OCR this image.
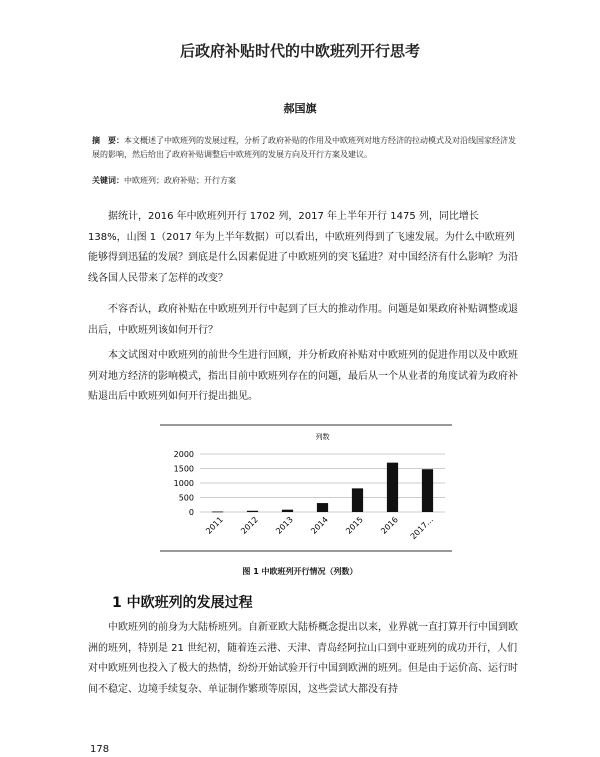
后政府补贴时代的中欧班列开行思考
郝国旗
摘　要：本文概述了中欧班列的发展过程，分析了政府补贴的作用及中欧班列对地方经济的拉动模式及对沿线国家经济发展的影响，然后给出了政府补贴调整后中欧班列的发展方向及开行方案及建议。
关键词：中欧班列；政府补贴；开行方案
据统计，2016 年中欧班列开行 1702 列，2017 年上半年开行 1475 列，同比增长 138%，山图 1（2017 年为上半年数据）可以看出，中欧班列得到了飞速发展。为什么中欧班列能够得到迅猛的发展？到底是什么因素促进了中欧班列的突飞猛进？对中国经济有什么影响？为沿线各国人民带来了怎样的改变？
不容否认，政府补贴在中欧班列开行中起到了巨大的推动作用。问题是如果政府补贴调整或退出后，中欧班列该如何开行？
本文试图对中欧班列的前世今生进行回顾，并分析政府补贴对中欧班列的促进作用以及中欧班列对地方经济的影响模式，指出目前中欧班列存在的问题，最后从一个从业者的角度试着为政府补贴退出后中欧班列如何开行提出拙见。
列数
0
500
1000
1500
2000
2011 2012 2013 2014 2015 2016 2017...
图 1 中欧班列开行情况（列数）
1 中欧班列的发展过程
中欧班列的前身为大陆桥班列。自新亚欧大陆桥概念提出以来，业界就一直打算开行中国到欧洲的班列，特别是 21 世纪初，随着连云港、天津、青岛经阿拉山口到中亚班列的成功开行，人们对中欧班列也投入了极大的热情，纷纷开始试验开行中国到欧洲的班列。但是由于运价高、运行时间不稳定、边境手续复杂、单证制作繁琐等原因，这些尝试大都没有持
178
